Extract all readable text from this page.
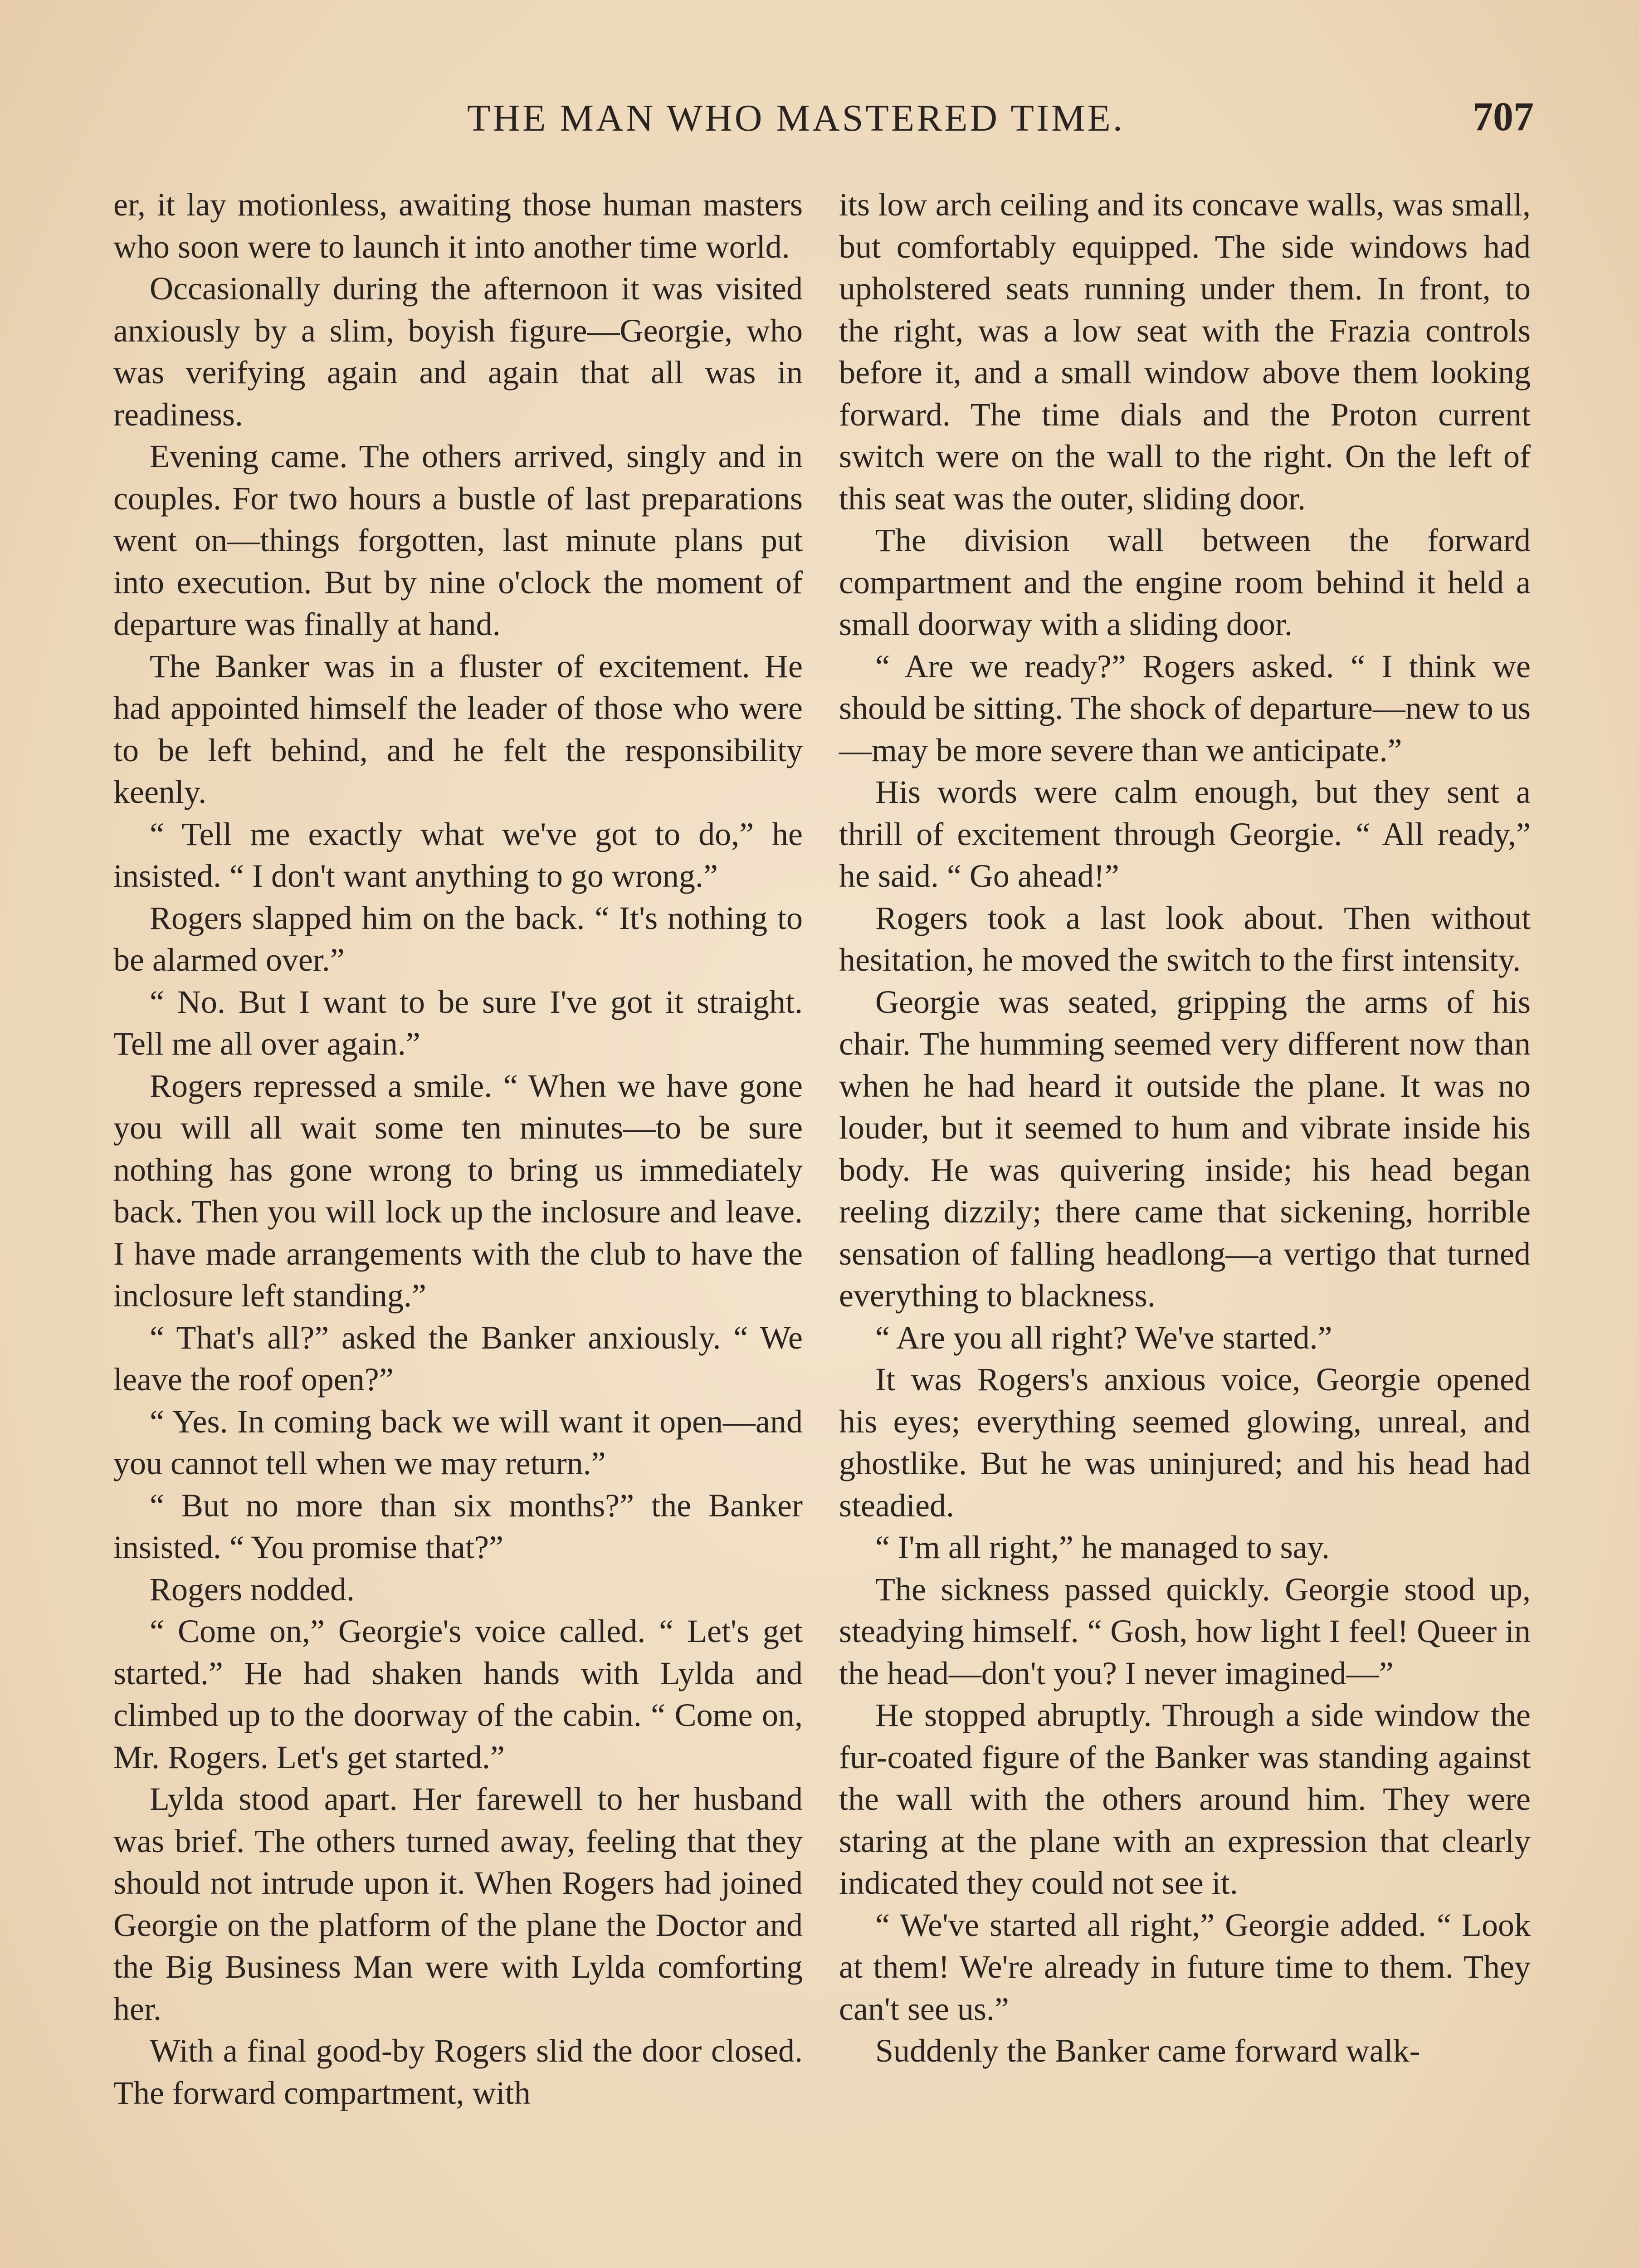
THE MAN WHO MASTERED TIME.	707

er, it lay motionless, awaiting those human masters who soon were to launch it into another time world.

Occasionally during the afternoon it was visited anxiously by a slim, boyish figure—Georgie, who was verifying again and again that all was in readiness.

Evening came. The others arrived, singly and in couples. For two hours a bustle of last preparations went on—things forgotten, last minute plans put into execution. But by nine o'clock the moment of departure was finally at hand.

The Banker was in a fluster of excitement. He had appointed himself the leader of those who were to be left behind, and he felt the responsibility keenly.

“ Tell me exactly what we've got to do,” he insisted. “ I don't want anything to go wrong.”

Rogers slapped him on the back. “ It's nothing to be alarmed over.”

“ No. But I want to be sure I've got it straight. Tell me all over again.”

Rogers repressed a smile. “ When we have gone you will all wait some ten minutes—to be sure nothing has gone wrong to bring us immediately back. Then you will lock up the inclosure and leave. I have made arrangements with the club to have the inclosure left standing.”

“ That's all?” asked the Banker anxiously. “ We leave the roof open?”

“ Yes. In coming back we will want it open—and you cannot tell when we may return.”

“ But no more than six months?” the Banker insisted. “ You promise that?”

Rogers nodded.

“ Come on,” Georgie's voice called. “ Let's get started.” He had shaken hands with Lylda and climbed up to the doorway of the cabin. “ Come on, Mr. Rogers. Let's get started.”

Lylda stood apart. Her farewell to her husband was brief. The others turned away, feeling that they should not intrude upon it. When Rogers had joined Georgie on the platform of the plane the Doctor and the Big Business Man were with Lylda comforting her.

With a final good-by Rogers slid the door closed. The forward compartment, with

its low arch ceiling and its concave walls, was small, but comfortably equipped. The side windows had upholstered seats running under them. In front, to the right, was a low seat with the Frazia controls before it, and a small window above them looking forward. The time dials and the Proton current switch were on the wall to the right. On the left of this seat was the outer, sliding door.

The division wall between the forward compartment and the engine room behind it held a small doorway with a sliding door.

“ Are we ready?” Rogers asked. “ I think we should be sitting. The shock of departure—new to us—may be more severe than we anticipate.”

His words were calm enough, but they sent a thrill of excitement through Georgie. “ All ready,” he said. “ Go ahead!”

Rogers took a last look about. Then without hesitation, he moved the switch to the first intensity.

Georgie was seated, gripping the arms of his chair. The humming seemed very different now than when he had heard it outside the plane. It was no louder, but it seemed to hum and vibrate inside his body. He was quivering inside; his head began reeling dizzily; there came that sickening, horrible sensation of falling headlong—a vertigo that turned everything to blackness.

“ Are you all right? We've started.”

It was Rogers's anxious voice, Georgie opened his eyes; everything seemed glowing, unreal, and ghostlike. But he was uninjured; and his head had steadied.

“ I'm all right,” he managed to say.

The sickness passed quickly. Georgie stood up, steadying himself. “ Gosh, how light I feel! Queer in the head—don't you? I never imagined—”

He stopped abruptly. Through a side window the fur-coated figure of the Banker was standing against the wall with the others around him. They were staring at the plane with an expression that clearly indicated they could not see it.

“ We've started all right,” Georgie added. “ Look at them! We're already in future time to them. They can't see us.”

Suddenly the Banker came forward walk-
